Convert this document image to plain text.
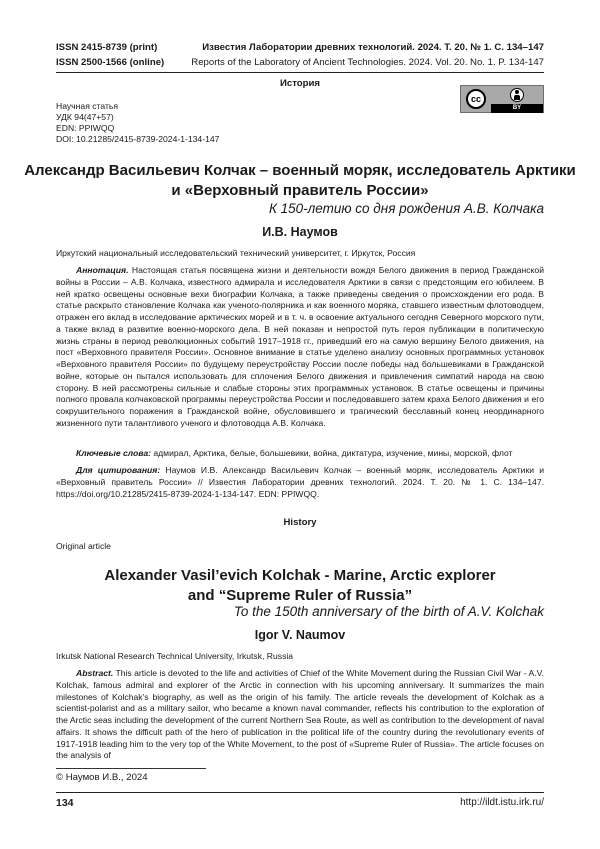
ISSN 2415-8739 (print)	Известия Лаборатории древних технологий. 2024. Т. 20. № 1. С. 134–147
ISSN 2500-1566 (online)	Reports of the Laboratory of Ancient Technologies. 2024. Vol. 20. No. 1. P. 134-147
История
Научная статья
УДК 94(47+57)
EDN: PPIWQQ
DOI: 10.21285/2415-8739-2024-1-134-147
cc
BY
Александр Васильевич Колчак – военный моряк, исследователь Арктики
и «Верховный правитель России»
К 150-летию со дня рождения А.В. Колчака
И.В. Наумов
Иркутский национальный исследовательский технический университет, г. Иркутск, Россия

Аннотация. Настоящая статья посвящена жизни и деятельности вождя Белого движения в период Гражданской войны в России – А.В. Колчака, известного адмирала и исследователя Арктики в связи с предстоящим его юбилеем. В ней кратко освещены основные вехи биографии Колчака, а также приведены сведения о происхождении его рода. В статье раскрыто становление Колчака как ученого-полярника и как военного моряка, ставшего известным флотоводцем, отражен его вклад в исследование арктических морей и в т. ч. в освоение актуального сегодня Северного морского пути, а также вклад в развитие военно-морского дела. В ней показан и непростой путь героя публикации в политическую жизнь страны в период революционных событий 1917–1918 гг., приведший его на самую вершину Белого движения, на пост «Верховного правителя России». Основное внимание в статье уделено анализу основных программных установок «Верховного правителя России» по будущему переустройству России после победы над большевиками в Гражданской войне, которые он пытался использовать для сплочения Белого движения и привлечения симпатий народа на свою сторону. В ней рассмотрены сильные и слабые стороны этих программных установок. В статье освещены и причины полного провала колчаковской программы переустройства России и последовавшего затем краха Белого движения и его сокрушительного поражения в Гражданской войне, обусловившего и трагический бесславный конец неординарного жизненного пути талантливого ученого и флотоводца А.В. Колчака.

Ключевые слова: адмирал, Арктика, белые, большевики, война, диктатура, изучение, мины, морской, флот

Для цитирования: Наумов И.В. Александр Васильевич Колчак – военный моряк, исследователь Арктики и «Верховный правитель России» // Известия Лаборатории древних технологий. 2024. Т. 20. № 1. С. 134–147. https://doi.org/10.21285/2415-8739-2024-1-134-147. EDN: PPIWQQ.

History
Original article
Alexander Vasil’evich Kolchak - Marine, Arctic explorer
and “Supreme Ruler of Russia”
To the 150th anniversary of the birth of A.V. Kolchak
Igor V. Naumov
Irkutsk National Research Technical University, Irkutsk, Russia

Abstract. This article is devoted to the life and activities of Chief of the White Movement during the Russian Civil War - A.V. Kolchak, famous admiral and explorer of the Arctic in connection with his upcoming anniversary. It summarizes the main milestones of Kolchak’s biography, as well as the origin of his family. The article reveals the development of Kolchak as a scientist-polarist and as a military sailor, who became a known naval commander, reflects his contribution to the exploration of the Arctic seas including the development of the current Northern Sea Route, as well as contribution to the development of naval affairs. It shows the difficult path of the hero of publication in the political life of the country during the revolutionary events of 1917-1918 leading him to the very top of the White Movement, to the post of «Supreme Ruler of Russia». The article focuses on the analysis of

© Наумов И.В., 2024
134	http://ildt.istu.irk.ru/
